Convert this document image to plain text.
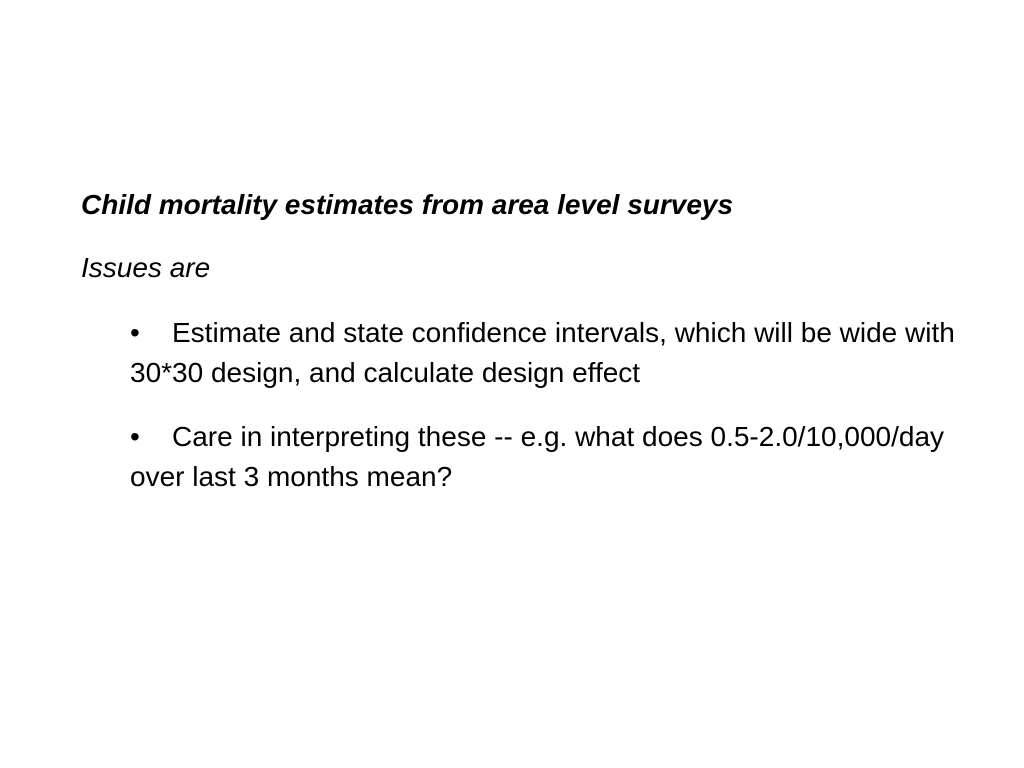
Child mortality estimates from area level surveys
Issues are
• Estimate and state confidence intervals, which will be wide with 30*30 design, and calculate design effect
• Care in interpreting these -- e.g. what does 0.5-2.0/10,000/day over last 3 months mean?
